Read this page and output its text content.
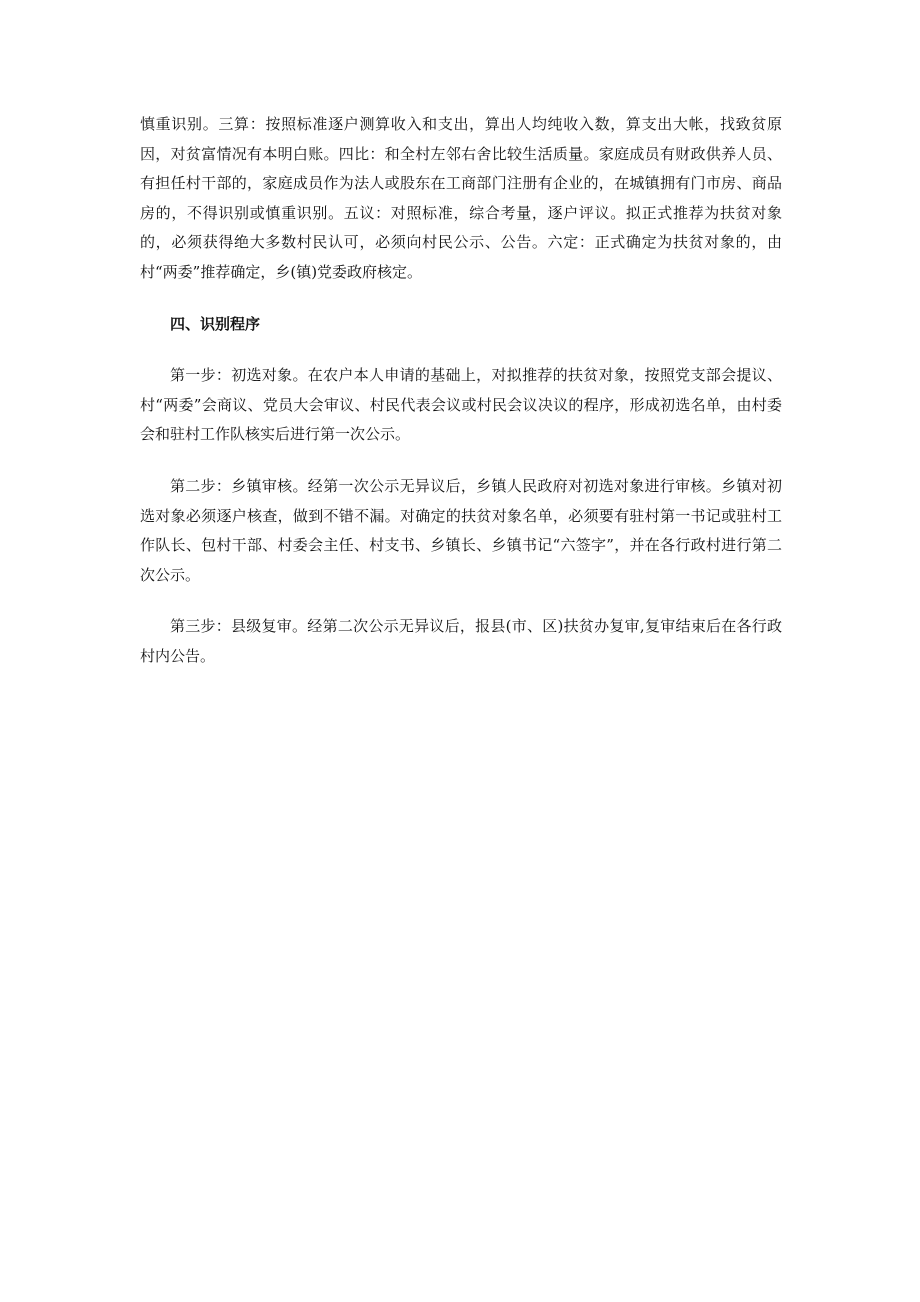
慎重识别。三算：按照标准逐户测算收入和支出，算出人均纯收入数，算支出大帐，找致贫原因，对贫富情况有本明白账。四比：和全村左邻右舍比较生活质量。家庭成员有财政供养人员、有担任村干部的，家庭成员作为法人或股东在工商部门注册有企业的，在城镇拥有门市房、商品房的，不得识别或慎重识别。五议：对照标准，综合考量，逐户评议。拟正式推荐为扶贫对象的，必须获得绝大多数村民认可，必须向村民公示、公告。六定：正式确定为扶贫对象的，由村“两委”推荐确定，乡(镇)党委政府核定。

四、识别程序

第一步：初选对象。在农户本人申请的基础上，对拟推荐的扶贫对象，按照党支部会提议、村“两委”会商议、党员大会审议、村民代表会议或村民会议决议的程序，形成初选名单，由村委会和驻村工作队核实后进行第一次公示。

第二步：乡镇审核。经第一次公示无异议后，乡镇人民政府对初选对象进行审核。乡镇对初选对象必须逐户核查，做到不错不漏。对确定的扶贫对象名单，必须要有驻村第一书记或驻村工作队长、包村干部、村委会主任、村支书、乡镇长、乡镇书记“六签字”，并在各行政村进行第二次公示。

第三步：县级复审。经第二次公示无异议后，报县(市、区)扶贫办复审,复审结束后在各行政村内公告。
